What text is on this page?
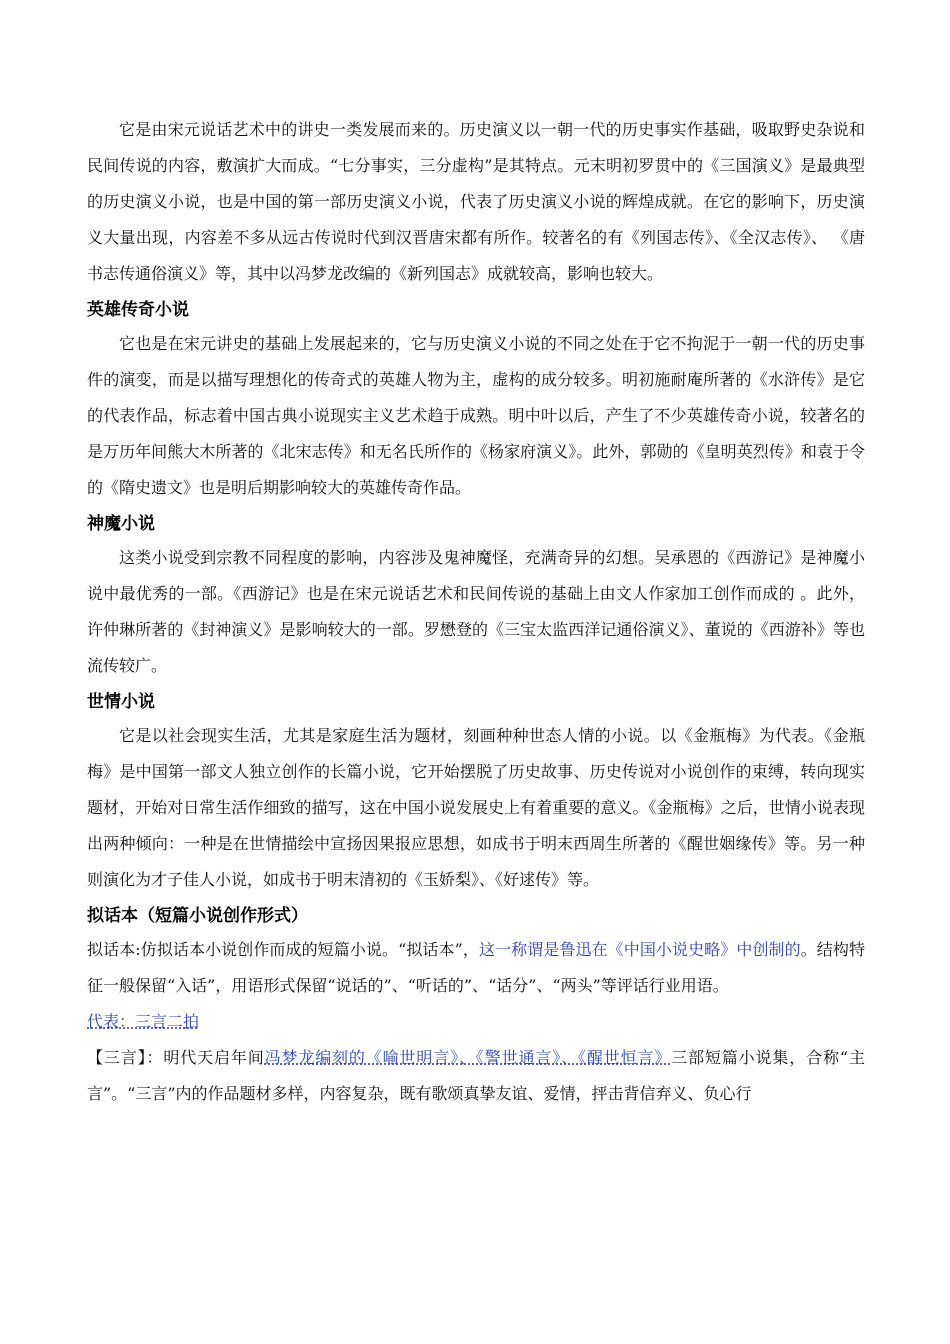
它是由宋元说话艺术中的讲史一类发展而来的。历史演义以一朝一代的历史事实作基础，吸取野史杂说和民间传说的内容，敷演扩大而成。“七分事实，三分虚构”是其特点。元末明初罗贯中的《三国演义》是最典型的历史演义小说，也是中国的第一部历史演义小说，代表了历史演义小说的辉煌成就。在它的影响下，历史演义大量出现，内容差不多从远古传说时代到汉晋唐宋都有所作。较著名的有《列国志传》、《全汉志传》、 《唐书志传通俗演义》等，其中以冯梦龙改编的《新列国志》成就较高，影响也较大。

英雄传奇小说

它也是在宋元讲史的基础上发展起来的，它与历史演义小说的不同之处在于它不拘泥于一朝一代的历史事件的演变，而是以描写理想化的传奇式的英雄人物为主，虚构的成分较多。明初施耐庵所著的《水浒传》是它的代表作品，标志着中国古典小说现实主义艺术趋于成熟。明中叶以后，产生了不少英雄传奇小说，较著名的是万历年间熊大木所著的《北宋志传》和无名氏所作的《杨家府演义》。此外，郭勋的《皇明英烈传》和袁于令的《隋史遗文》也是明后期影响较大的英雄传奇作品。

神魔小说

这类小说受到宗教不同程度的影响，内容涉及鬼神魔怪，充满奇异的幻想。吴承恩的《西游记》是神魔小说中最优秀的一部。《西游记》也是在宋元说话艺术和民间传说的基础上由文人作家加工创作而成的 。此外，许仲琳所著的《封神演义》是影响较大的一部。罗懋登的《三宝太监西洋记通俗演义》、董说的《西游补》等也流传较广。

世情小说

它是以社会现实生活，尤其是家庭生活为题材，刻画种种世态人情的小说。以《金瓶梅》为代表。《金瓶梅》是中国第一部文人独立创作的长篇小说，它开始摆脱了历史故事、历史传说对小说创作的束缚，转向现实题材，开始对日常生活作细致的描写，这在中国小说发展史上有着重要的意义。《金瓶梅》之后，世情小说表现出两种倾向：一种是在世情描绘中宣扬因果报应思想，如成书于明末西周生所著的《醒世姻缘传》等。另一种则演化为才子佳人小说，如成书于明末清初的《玉娇梨》、《好逑传》等。

拟话本（短篇小说创作形式）

拟话本:仿拟话本小说创作而成的短篇小说。“拟话本”，这一称谓是鲁迅在《中国小说史略》中创制的。结构特征一般保留“入话”，用语形式保留“说话的”、“听话的”、“话分”、“两头”等评话行业用语。

代表：三言二拍

【三言】：明代天启年间冯梦龙编刻的《喻世明言》、《警世通言》、《醒世恒言》三部短篇小说集，合称“主言”。“三言”内的作品题材多样，内容复杂，既有歌颂真挚友谊、爱情，抨击背信弃义、负心行
